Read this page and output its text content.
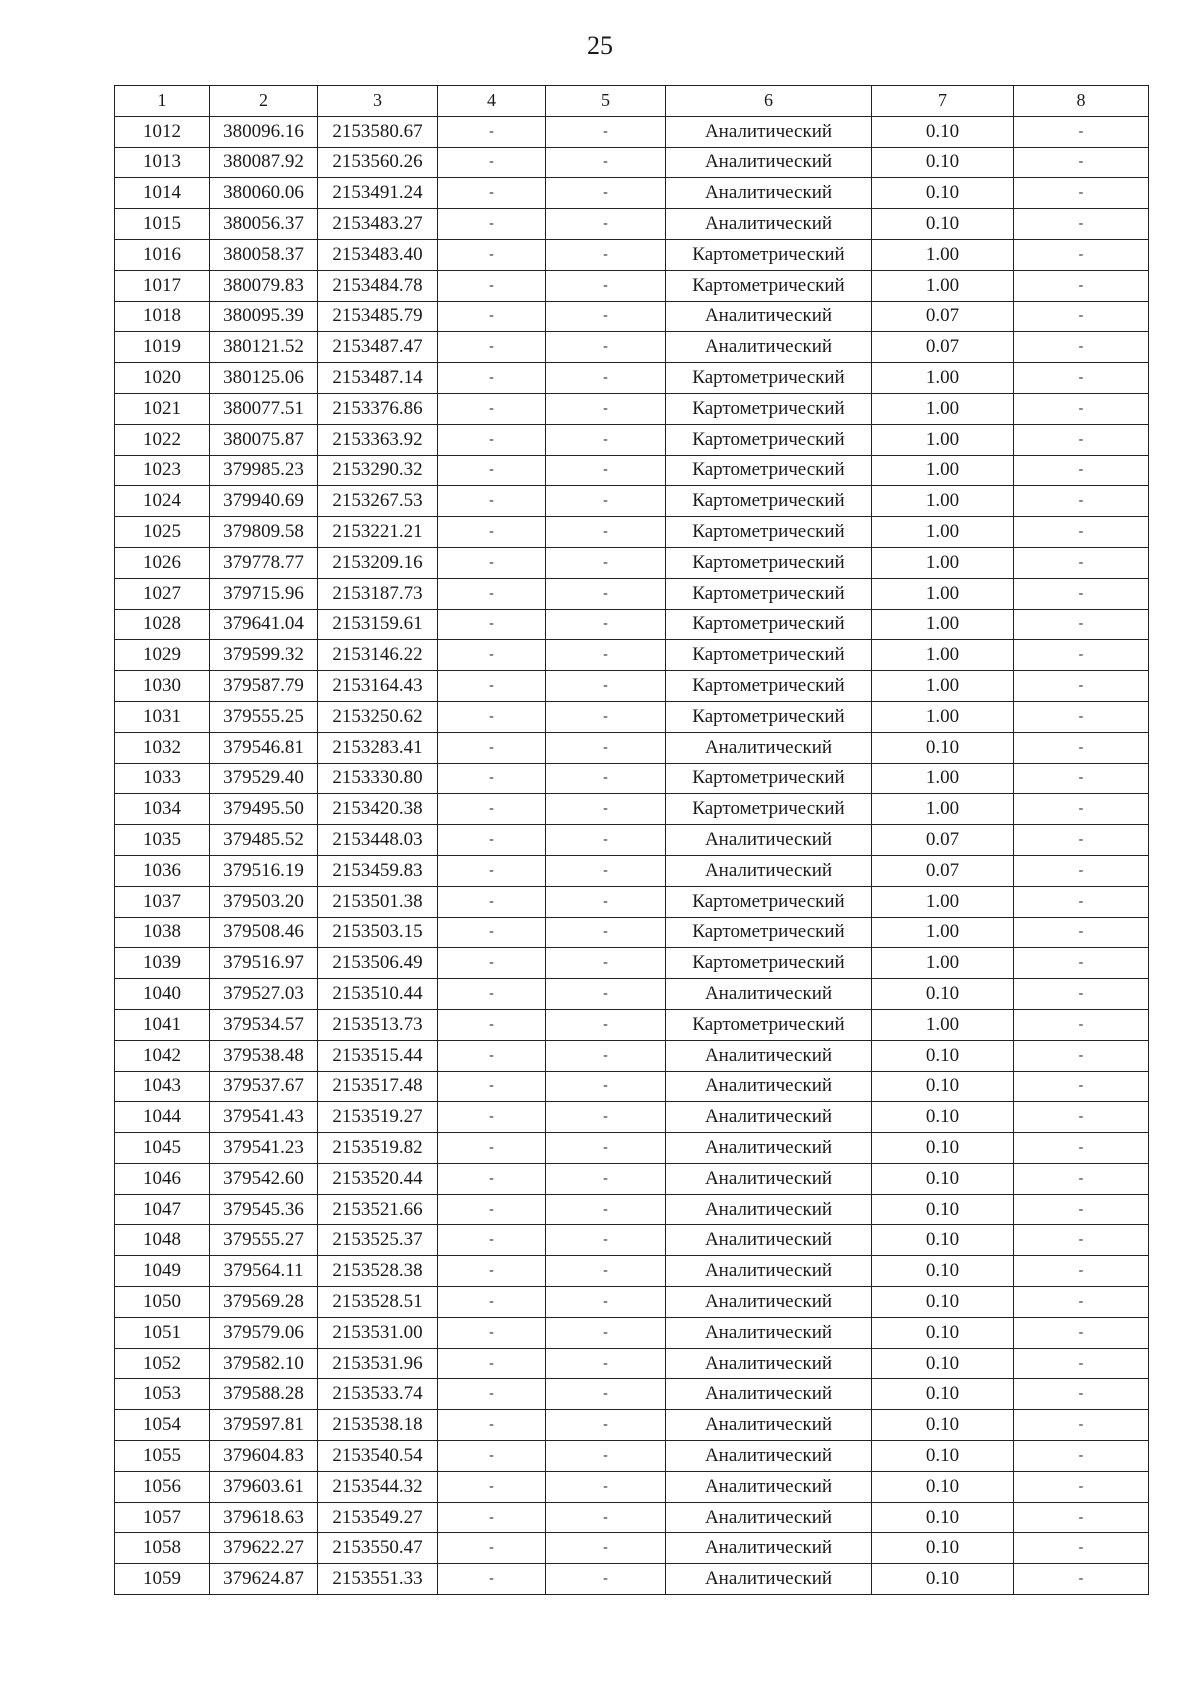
25
1	2	3	4	5	6	7	8
1012	380096.16	2153580.67	-	-	Аналитический	0.10	-
1013	380087.92	2153560.26	-	-	Аналитический	0.10	-
1014	380060.06	2153491.24	-	-	Аналитический	0.10	-
1015	380056.37	2153483.27	-	-	Аналитический	0.10	-
1016	380058.37	2153483.40	-	-	Картометрический	1.00	-
1017	380079.83	2153484.78	-	-	Картометрический	1.00	-
1018	380095.39	2153485.79	-	-	Аналитический	0.07	-
1019	380121.52	2153487.47	-	-	Аналитический	0.07	-
1020	380125.06	2153487.14	-	-	Картометрический	1.00	-
1021	380077.51	2153376.86	-	-	Картометрический	1.00	-
1022	380075.87	2153363.92	-	-	Картометрический	1.00	-
1023	379985.23	2153290.32	-	-	Картометрический	1.00	-
1024	379940.69	2153267.53	-	-	Картометрический	1.00	-
1025	379809.58	2153221.21	-	-	Картометрический	1.00	-
1026	379778.77	2153209.16	-	-	Картометрический	1.00	-
1027	379715.96	2153187.73	-	-	Картометрический	1.00	-
1028	379641.04	2153159.61	-	-	Картометрический	1.00	-
1029	379599.32	2153146.22	-	-	Картометрический	1.00	-
1030	379587.79	2153164.43	-	-	Картометрический	1.00	-
1031	379555.25	2153250.62	-	-	Картометрический	1.00	-
1032	379546.81	2153283.41	-	-	Аналитический	0.10	-
1033	379529.40	2153330.80	-	-	Картометрический	1.00	-
1034	379495.50	2153420.38	-	-	Картометрический	1.00	-
1035	379485.52	2153448.03	-	-	Аналитический	0.07	-
1036	379516.19	2153459.83	-	-	Аналитический	0.07	-
1037	379503.20	2153501.38	-	-	Картометрический	1.00	-
1038	379508.46	2153503.15	-	-	Картометрический	1.00	-
1039	379516.97	2153506.49	-	-	Картометрический	1.00	-
1040	379527.03	2153510.44	-	-	Аналитический	0.10	-
1041	379534.57	2153513.73	-	-	Картометрический	1.00	-
1042	379538.48	2153515.44	-	-	Аналитический	0.10	-
1043	379537.67	2153517.48	-	-	Аналитический	0.10	-
1044	379541.43	2153519.27	-	-	Аналитический	0.10	-
1045	379541.23	2153519.82	-	-	Аналитический	0.10	-
1046	379542.60	2153520.44	-	-	Аналитический	0.10	-
1047	379545.36	2153521.66	-	-	Аналитический	0.10	-
1048	379555.27	2153525.37	-	-	Аналитический	0.10	-
1049	379564.11	2153528.38	-	-	Аналитический	0.10	-
1050	379569.28	2153528.51	-	-	Аналитический	0.10	-
1051	379579.06	2153531.00	-	-	Аналитический	0.10	-
1052	379582.10	2153531.96	-	-	Аналитический	0.10	-
1053	379588.28	2153533.74	-	-	Аналитический	0.10	-
1054	379597.81	2153538.18	-	-	Аналитический	0.10	-
1055	379604.83	2153540.54	-	-	Аналитический	0.10	-
1056	379603.61	2153544.32	-	-	Аналитический	0.10	-
1057	379618.63	2153549.27	-	-	Аналитический	0.10	-
1058	379622.27	2153550.47	-	-	Аналитический	0.10	-
1059	379624.87	2153551.33	-	-	Аналитический	0.10	-
